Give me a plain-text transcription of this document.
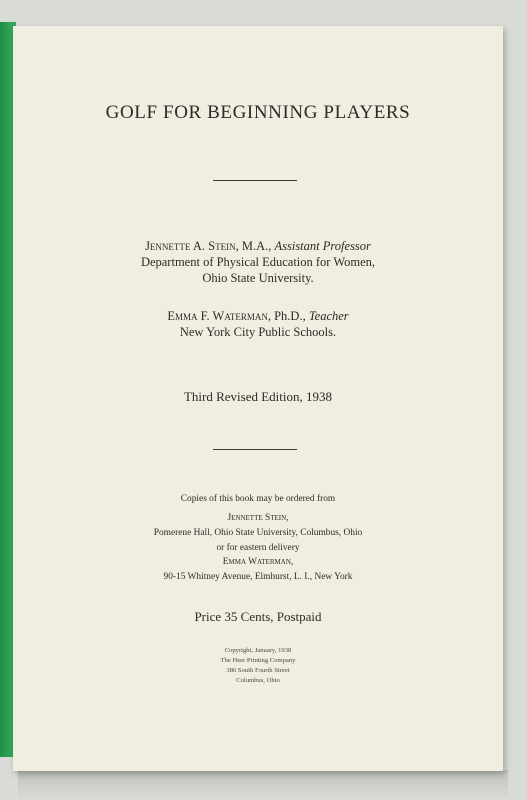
GOLF FOR BEGINNING PLAYERS
Jennette A. Stein, M.A., Assistant Professor
Department of Physical Education for Women,
Ohio State University.
Emma F. Waterman, Ph.D., Teacher
New York City Public Schools.
Third Revised Edition, 1938
Copies of this book may be ordered from
Jennette Stein,
Pomerene Hall, Ohio State University, Columbus, Ohio
or for eastern delivery
Emma Waterman,
90-15 Whitney Avenue, Elmhurst, L. I., New York
Price 35 Cents, Postpaid
Copyright, January, 1938
The Heer Printing Company
386 South Fourth Street
Columbus, Ohio
